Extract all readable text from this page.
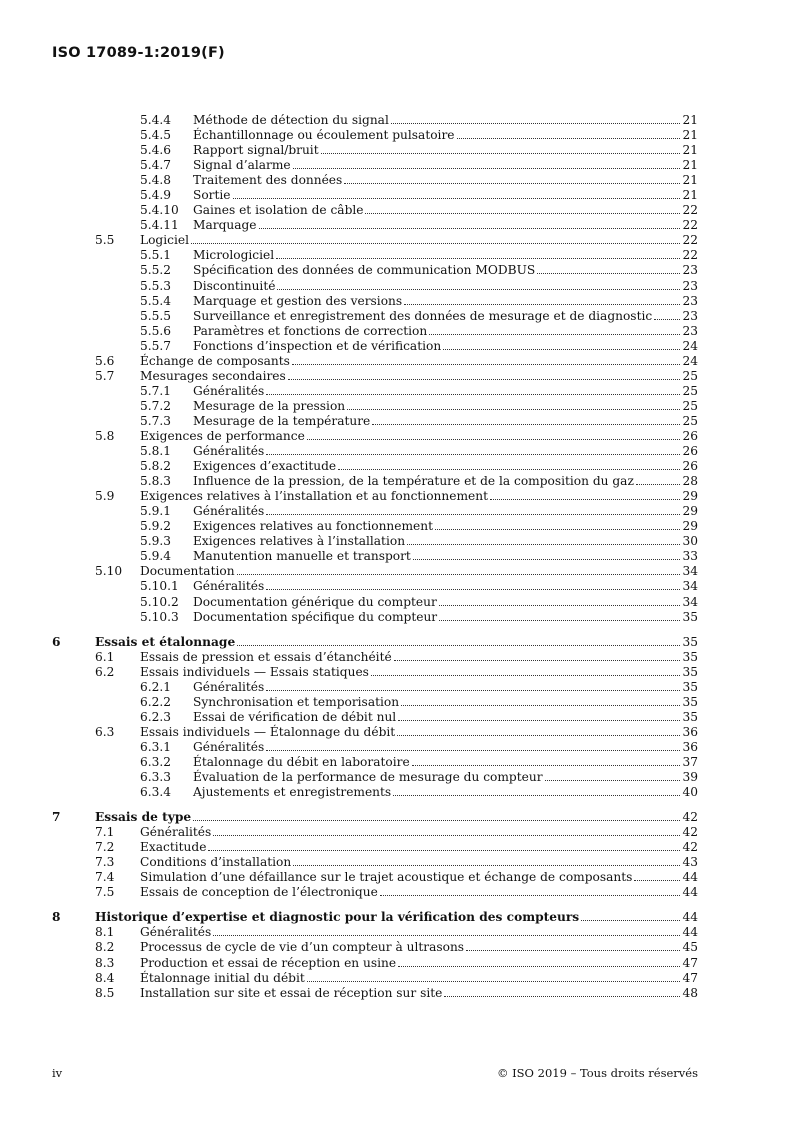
ISO 17089-1:2019(F)
5.4.4 Méthode de détection du signal	21
5.4.5 Échantillonnage ou écoulement pulsatoire	21
5.4.6 Rapport signal/bruit	21
5.4.7 Signal d’alarme	21
5.4.8 Traitement des données	21
5.4.9 Sortie	21
5.4.10 Gaines et isolation de câble	22
5.4.11 Marquage	22
5.5 Logiciel	22
5.5.1 Micrologiciel	22
5.5.2 Spécification des données de communication MODBUS	23
5.5.3 Discontinuité	23
5.5.4 Marquage et gestion des versions	23
5.5.5 Surveillance et enregistrement des données de mesurage et de diagnostic 23
5.5.6 Paramètres et fonctions de correction	23
5.5.7 Fonctions d’inspection et de vérification	24
5.6 Échange de composants	24
5.7 Mesurages secondaires	25
5.7.1 Généralités	25
5.7.2 Mesurage de la pression	25
5.7.3 Mesurage de la température	25
5.8 Exigences de performance	26
5.8.1 Généralités	26
5.8.2 Exigences d’exactitude	26
5.8.3 Influence de la pression, de la température et de la composition du gaz	28
5.9 Exigences relatives à l’installation et au fonctionnement	29
5.9.1 Généralités	29
5.9.2 Exigences relatives au fonctionnement	29
5.9.3 Exigences relatives à l’installation	30
5.9.4 Manutention manuelle et transport	33
5.10 Documentation	34
5.10.1 Généralités	34
5.10.2 Documentation générique du compteur	34
5.10.3 Documentation spécifique du compteur	35
6	Essais et étalonnage	35
6.1 Essais de pression et essais d’étanchéité	35
6.2 Essais individuels — Essais statiques	35
6.2.1 Généralités	35
6.2.2 Synchronisation et temporisation	35
6.2.3 Essai de vérification de débit nul	35
6.3 Essais individuels — Étalonnage du débit	36
6.3.1 Généralités	36
6.3.2 Étalonnage du débit en laboratoire	37
6.3.3 Évaluation de la performance de mesurage du compteur	39
6.3.4 Ajustements et enregistrements	40
7	Essais de type	42
7.1 Généralités	42
7.2 Exactitude	42
7.3 Conditions d’installation	43
7.4 Simulation d’une défaillance sur le trajet acoustique et échange de composants	44
7.5 Essais de conception de l’électronique	44
8	Historique d’expertise et diagnostic pour la vérification des compteurs	44
8.1 Généralités	44
8.2 Processus de cycle de vie d’un compteur à ultrasons	45
8.3 Production et essai de réception en usine	47
8.4 Étalonnage initial du débit	47
8.5 Installation sur site et essai de réception sur site	48
iv	© ISO 2019 – Tous droits réservés
